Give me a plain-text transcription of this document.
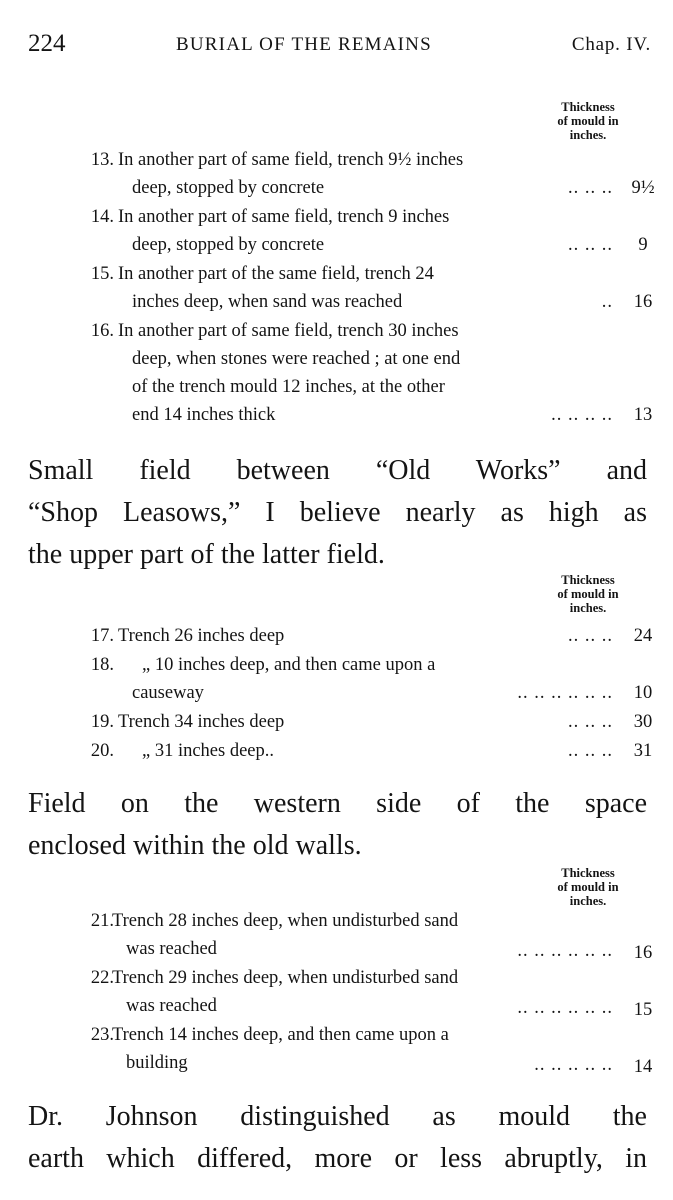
224	BURIAL OF THE REMAINS	Chap. IV.
Thickness
of mould in
inches.
13. In another part of same field, trench 9½ inches
deep, stopped by concrete	.. .. .. 9½
14. In another part of same field, trench 9 inches
deep, stopped by concrete	.. .. ..	9
15. In another part of the same field, trench 24
inches deep, when sand was reached	..	16
16. In another part of same field, trench 30 inches
deep, when stones were reached ; at one end
of the trench mould 12 inches, at the other
end 14 inches thick	.. .. .. ..	13
Small field between “Old Works” and
“Shop Leasows,” I believe nearly as high as
the upper part of the latter field.
Thickness
of mould in
inches.
17. Trench 26 inches deep	.. .. ..	24
18. „ 10 inches deep, and then came upon a
causeway	.. .. .. .. .. ..	10
19. Trench 34 inches deep	.. .. ..	30
20. „ 31 inches deep..	.. .. ..	31
Field on the western side of the space
enclosed within the old walls.
Thickness
of mould in
inches.
21.
Trench 28 inches deep, when undisturbed sand
was reached	.. .. .. .. .. ..	16
22.
Trench 29 inches deep, when undisturbed sand
was reached	.. .. .. .. .. ..	15
23.
Trench 14 inches deep, and then came upon a
building	.. .. .. .. ..	14
Dr. Johnson distinguished as mould the
earth which differed, more or less abruptly, in
